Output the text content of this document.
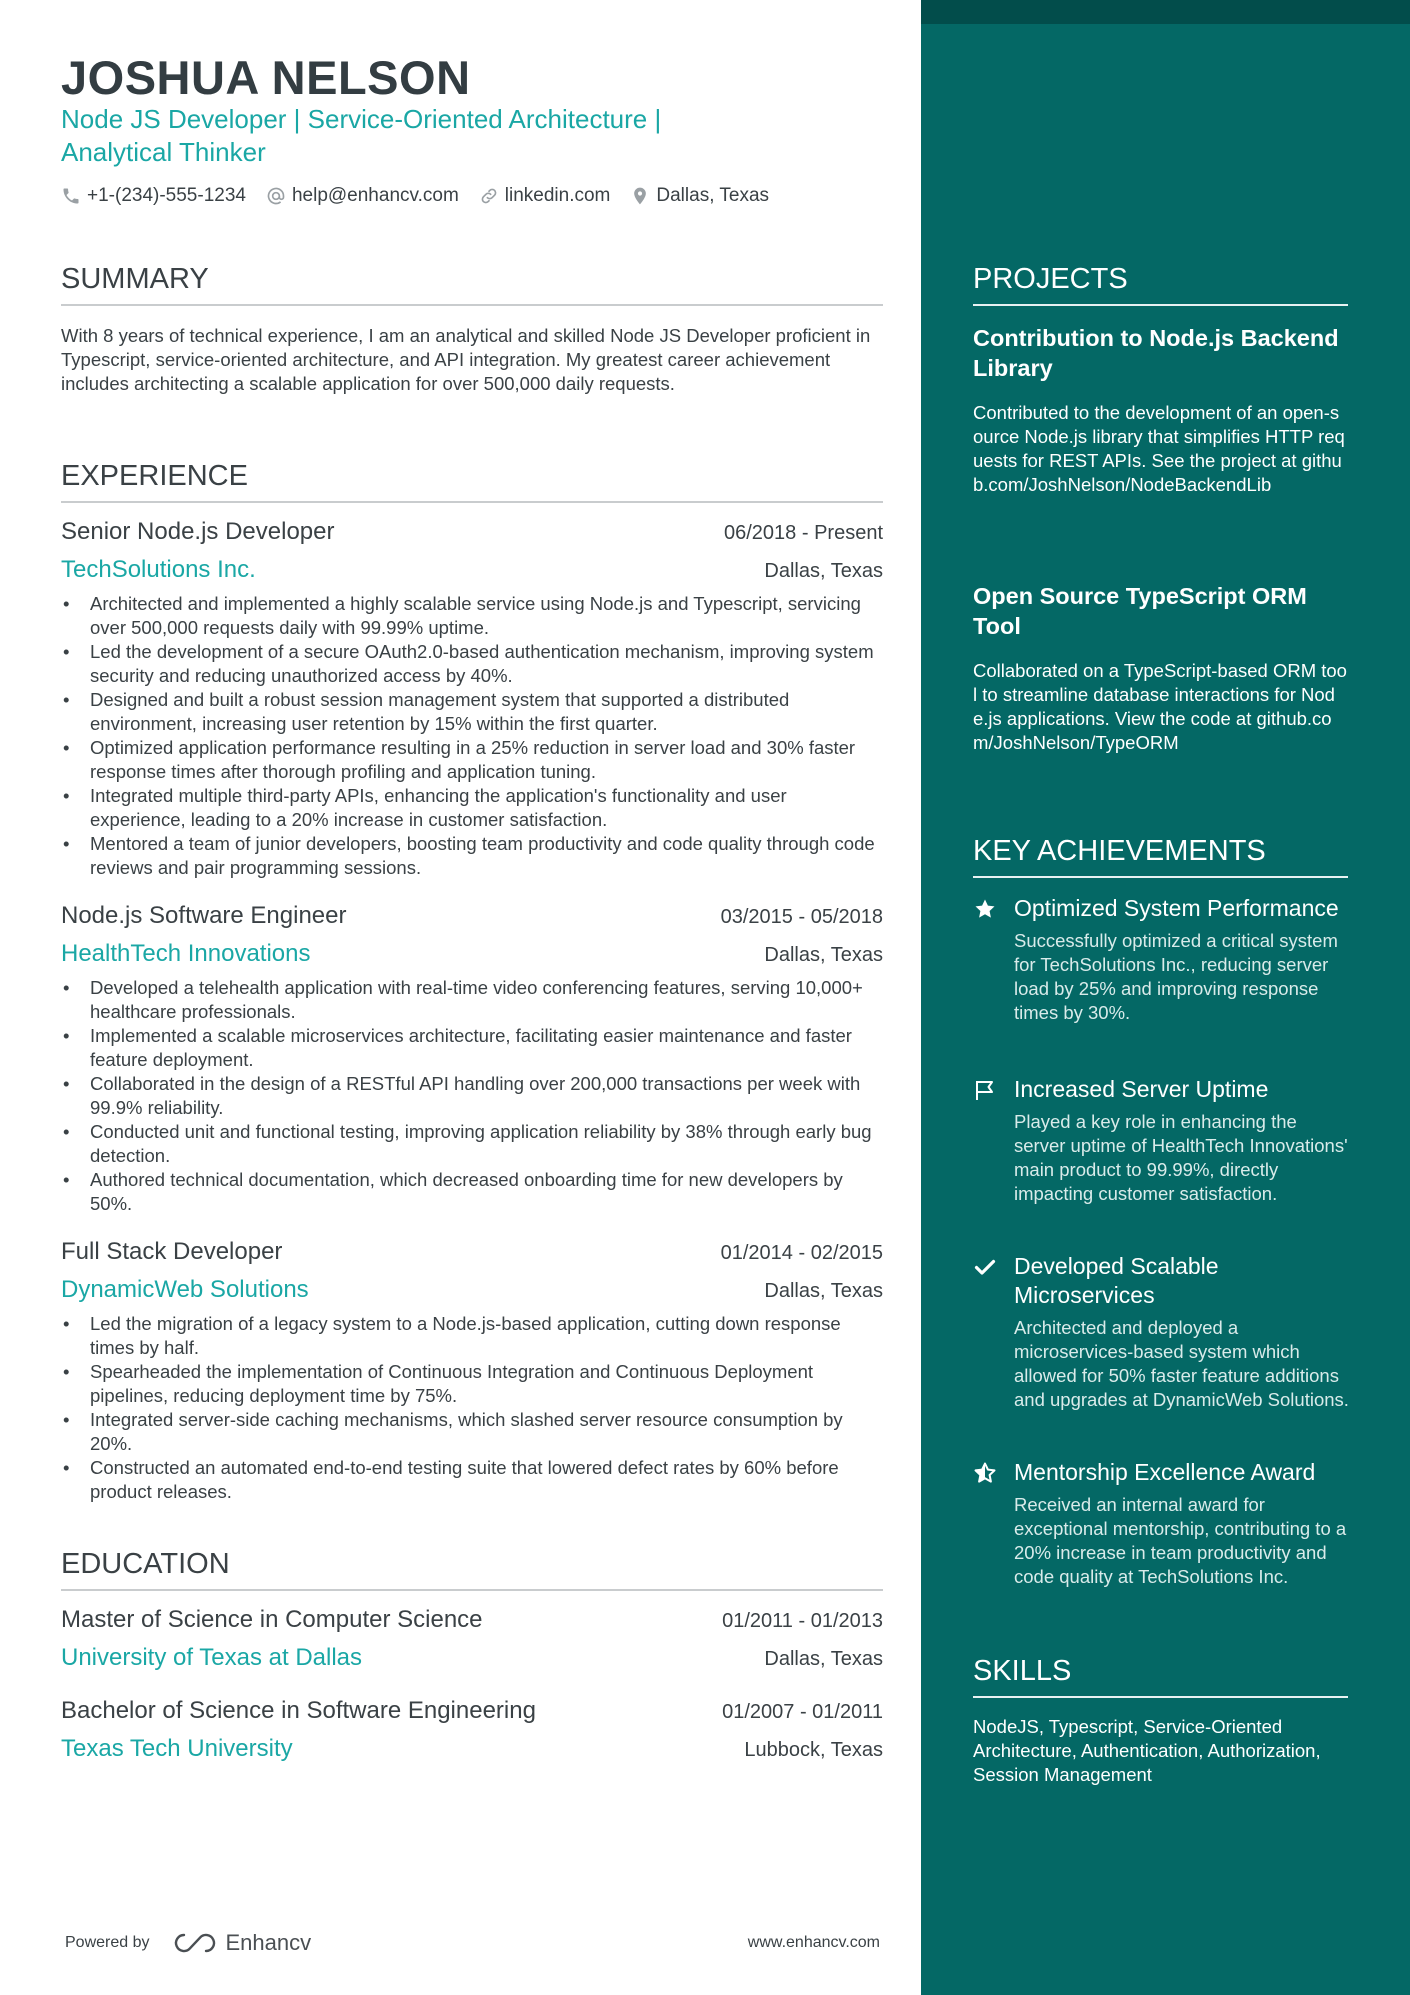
JOSHUA NELSON

Node JS Developer | Service-Oriented Architecture | Analytical Thinker

+1-(234)-555-1234 help@enhancv.com linkedin.com Dallas, Texas
SUMMARY

With 8 years of technical experience, I am an analytical and skilled Node JS Developer proficient in Typescript, service-oriented architecture, and API integration. My greatest career achievement includes architecting a scalable application for over 500,000 daily requests.

EXPERIENCE
Senior Node.js Developer	06/2018 - Present
TechSolutions Inc.	Dallas, Texas
• Architected and implemented a highly scalable service using Node.js and Typescript, servicing over 500,000 requests daily with 99.99% uptime.
• Led the development of a secure OAuth2.0-based authentication mechanism, improving system security and reducing unauthorized access by 40%.
• Designed and built a robust session management system that supported a distributed environment, increasing user retention by 15% within the first quarter.
• Optimized application performance resulting in a 25% reduction in server load and 30% faster response times after thorough profiling and application tuning.
• Integrated multiple third-party APIs, enhancing the application's functionality and user experience, leading to a 20% increase in customer satisfaction.
• Mentored a team of junior developers, boosting team productivity and code quality through code reviews and pair programming sessions.
Node.js Software Engineer	03/2015 - 05/2018
HealthTech Innovations	Dallas, Texas
• Developed a telehealth application with real-time video conferencing features, serving 10,000+ healthcare professionals.
• Implemented a scalable microservices architecture, facilitating easier maintenance and faster feature deployment.
• Collaborated in the design of a RESTful API handling over 200,000 transactions per week with 99.9% reliability.
• Conducted unit and functional testing, improving application reliability by 38% through early bug detection.
• Authored technical documentation, which decreased onboarding time for new developers by 50%.
Full Stack Developer	01/2014 - 02/2015
DynamicWeb Solutions	Dallas, Texas
• Led the migration of a legacy system to a Node.js-based application, cutting down response times by half.
• Spearheaded the implementation of Continuous Integration and Continuous Deployment pipelines, reducing deployment time by 75%.
• Integrated server-side caching mechanisms, which slashed server resource consumption by 20%.
• Constructed an automated end-to-end testing suite that lowered defect rates by 60% before product releases.
EDUCATION
Master of Science in Computer Science	01/2011 - 01/2013
University of Texas at Dallas	Dallas, Texas
Bachelor of Science in Software Engineering	01/2007 - 01/2011
Texas Tech University	Lubbock, Texas
Powered by	Enhancv	www.enhancv.com
PROJECTS

Contribution to Node.js Backend Library

Contributed to the development of an open-source Node.js library that simplifies HTTP requests for REST APIs. See the project at github.com/JoshNelson/NodeBackendLib

Open Source TypeScript ORM Tool

Collaborated on a TypeScript-based ORM tool to streamline database interactions for Node.js applications. View the code at github.com/JoshNelson/TypeORM

KEY ACHIEVEMENTS

Optimized System Performance

Successfully optimized a critical system for TechSolutions Inc., reducing server load by 25% and improving response times by 30%.

Increased Server Uptime

Played a key role in enhancing the server uptime of HealthTech Innovations' main product to 99.99%, directly impacting customer satisfaction.

Developed Scalable Microservices

Architected and deployed a microservices-based system which allowed for 50% faster feature additions and upgrades at DynamicWeb Solutions.

Mentorship Excellence Award

Received an internal award for exceptional mentorship, contributing to a 20% increase in team productivity and code quality at TechSolutions Inc.

SKILLS

NodeJS, Typescript, Service-Oriented Architecture, Authentication, Authorization, Session Management
